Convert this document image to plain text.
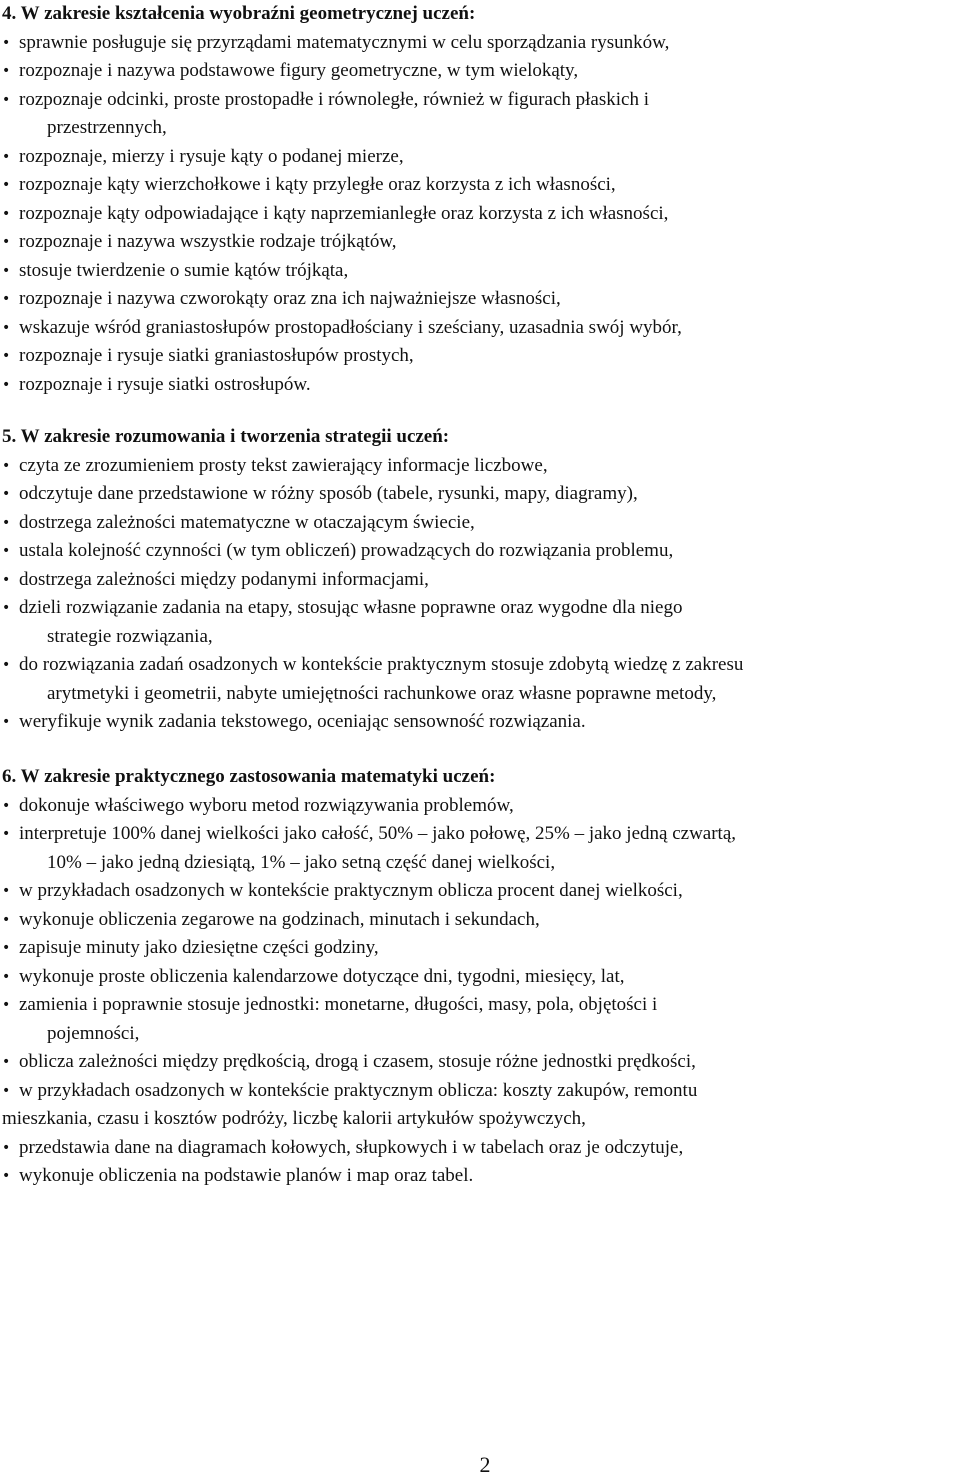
4. W zakresie kształcenia wyobraźni geometrycznej uczeń:
• sprawnie posługuje się przyrządami matematycznymi w celu sporządzania rysunków,
• rozpoznaje i nazywa podstawowe figury geometryczne, w tym wielokąty,
• rozpoznaje odcinki, proste prostopadłe i równoległe, również w figurach płaskich i
przestrzennych,
• rozpoznaje, mierzy i rysuje kąty o podanej mierze,
• rozpoznaje kąty wierzchołkowe i kąty przyległe oraz korzysta z ich własności,
• rozpoznaje kąty odpowiadające i kąty naprzemianległe oraz korzysta z ich własności,
• rozpoznaje i nazywa wszystkie rodzaje trójkątów,
• stosuje twierdzenie o sumie kątów trójkąta,
• rozpoznaje i nazywa czworokąty oraz zna ich najważniejsze własności,
• wskazuje wśród graniastosłupów prostopadłościany i sześciany, uzasadnia swój wybór,
• rozpoznaje i rysuje siatki graniastosłupów prostych,
• rozpoznaje i rysuje siatki ostrosłupów.
5. W zakresie rozumowania i tworzenia strategii uczeń:
• czyta ze zrozumieniem prosty tekst zawierający informacje liczbowe,
• odczytuje dane przedstawione w różny sposób (tabele, rysunki, mapy, diagramy),
• dostrzega zależności matematyczne w otaczającym świecie,
• ustala kolejność czynności (w tym obliczeń) prowadzących do rozwiązania problemu,
• dostrzega zależności między podanymi informacjami,
• dzieli rozwiązanie zadania na etapy, stosując własne poprawne oraz wygodne dla niego
strategie rozwiązania,
• do rozwiązania zadań osadzonych w kontekście praktycznym stosuje zdobytą wiedzę z zakresu
arytmetyki i geometrii, nabyte umiejętności rachunkowe oraz własne poprawne metody,
• weryfikuje wynik zadania tekstowego, oceniając sensowność rozwiązania.
6. W zakresie praktycznego zastosowania matematyki uczeń:
• dokonuje właściwego wyboru metod rozwiązywania problemów,
• interpretuje 100% danej wielkości jako całość, 50% – jako połowę, 25% – jako jedną czwartą,
10% – jako jedną dziesiątą, 1% – jako setną część danej wielkości,
• w przykładach osadzonych w kontekście praktycznym oblicza procent danej wielkości,
• wykonuje obliczenia zegarowe na godzinach, minutach i sekundach,
• zapisuje minuty jako dziesiętne części godziny,
• wykonuje proste obliczenia kalendarzowe dotyczące dni, tygodni, miesięcy, lat,
• zamienia i poprawnie stosuje jednostki: monetarne, długości, masy, pola, objętości i
pojemności,
• oblicza zależności między prędkością, drogą i czasem, stosuje różne jednostki prędkości,
• w przykładach osadzonych w kontekście praktycznym oblicza: koszty zakupów, remontu
mieszkania, czasu i kosztów podróży, liczbę kalorii artykułów spożywczych,
• przedstawia dane na diagramach kołowych, słupkowych i w tabelach oraz je odczytuje,
• wykonuje obliczenia na podstawie planów i map oraz tabel.
2
